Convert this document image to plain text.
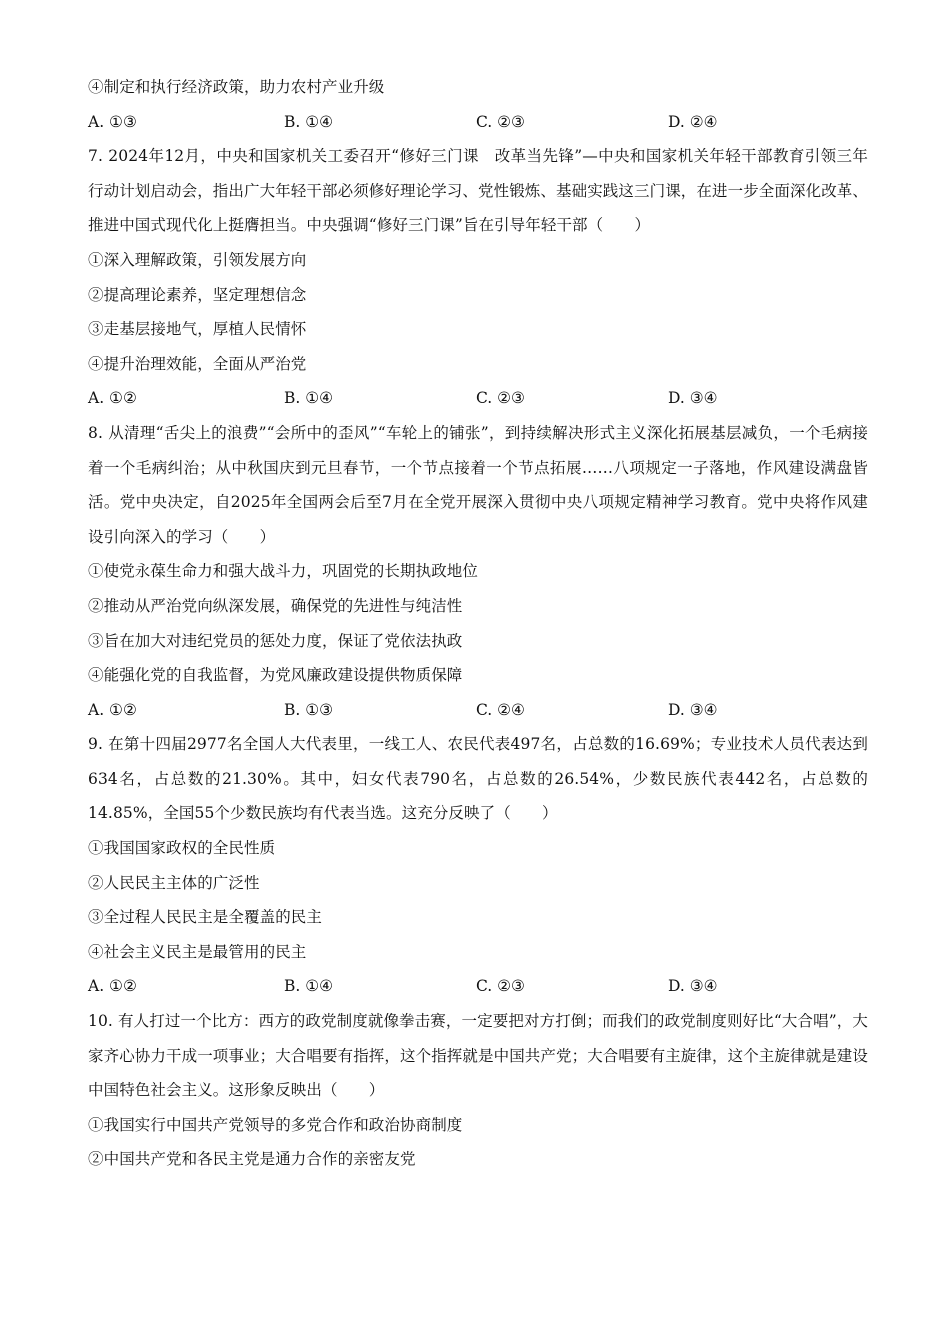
④制定和执行经济政策，助力农村产业升级
A. ①③	B. ①④	C. ②③	D. ②④
7. 2024年12月，中央和国家机关工委召开“修好三门课　改革当先锋”—中央和国家机关年轻干部教育引领三年行动计划启动会，指出广大年轻干部必须修好理论学习、党性锻炼、基础实践这三门课，在进一步全面深化改革、推进中国式现代化上挺膺担当。中央强调“修好三门课”旨在引导年轻干部（　　）
①深入理解政策，引领发展方向
②提高理论素养，坚定理想信念
③走基层接地气，厚植人民情怀
④提升治理效能，全面从严治党
A. ①②	B. ①④	C. ②③	D. ③④
8. 从清理“舌尖上的浪费”“会所中的歪风”“车轮上的铺张”，到持续解决形式主义深化拓展基层减负，一个毛病接着一个毛病纠治；从中秋国庆到元旦春节，一个节点接着一个节点拓展……八项规定一子落地，作风建设满盘皆活。党中央决定，自2025年全国两会后至7月在全党开展深入贯彻中央八项规定精神学习教育。党中央将作风建设引向深入的学习（　　）
①使党永葆生命力和强大战斗力，巩固党的长期执政地位
②推动从严治党向纵深发展，确保党的先进性与纯洁性
③旨在加大对违纪党员的惩处力度，保证了党依法执政
④能强化党的自我监督，为党风廉政建设提供物质保障
A. ①②	B. ①③	C. ②④	D. ③④
9. 在第十四届2977名全国人大代表里，一线工人、农民代表497名，占总数的16.69%；专业技术人员代表达到634名，占总数的21.30%。其中，妇女代表790名，占总数的26.54%，少数民族代表442名，占总数的14.85%，全国55个少数民族均有代表当选。这充分反映了（　　）
①我国国家政权的全民性质
②人民民主主体的广泛性
③全过程人民民主是全覆盖的民主
④社会主义民主是最管用的民主
A. ①②	B. ①④	C. ②③	D. ③④
10. 有人打过一个比方：西方的政党制度就像拳击赛，一定要把对方打倒；而我们的政党制度则好比“大合唱”，大家齐心协力干成一项事业；大合唱要有指挥，这个指挥就是中国共产党；大合唱要有主旋律，这个主旋律就是建设中国特色社会主义。这形象反映出（　　）
①我国实行中国共产党领导的多党合作和政治协商制度
②中国共产党和各民主党是通力合作的亲密友党
